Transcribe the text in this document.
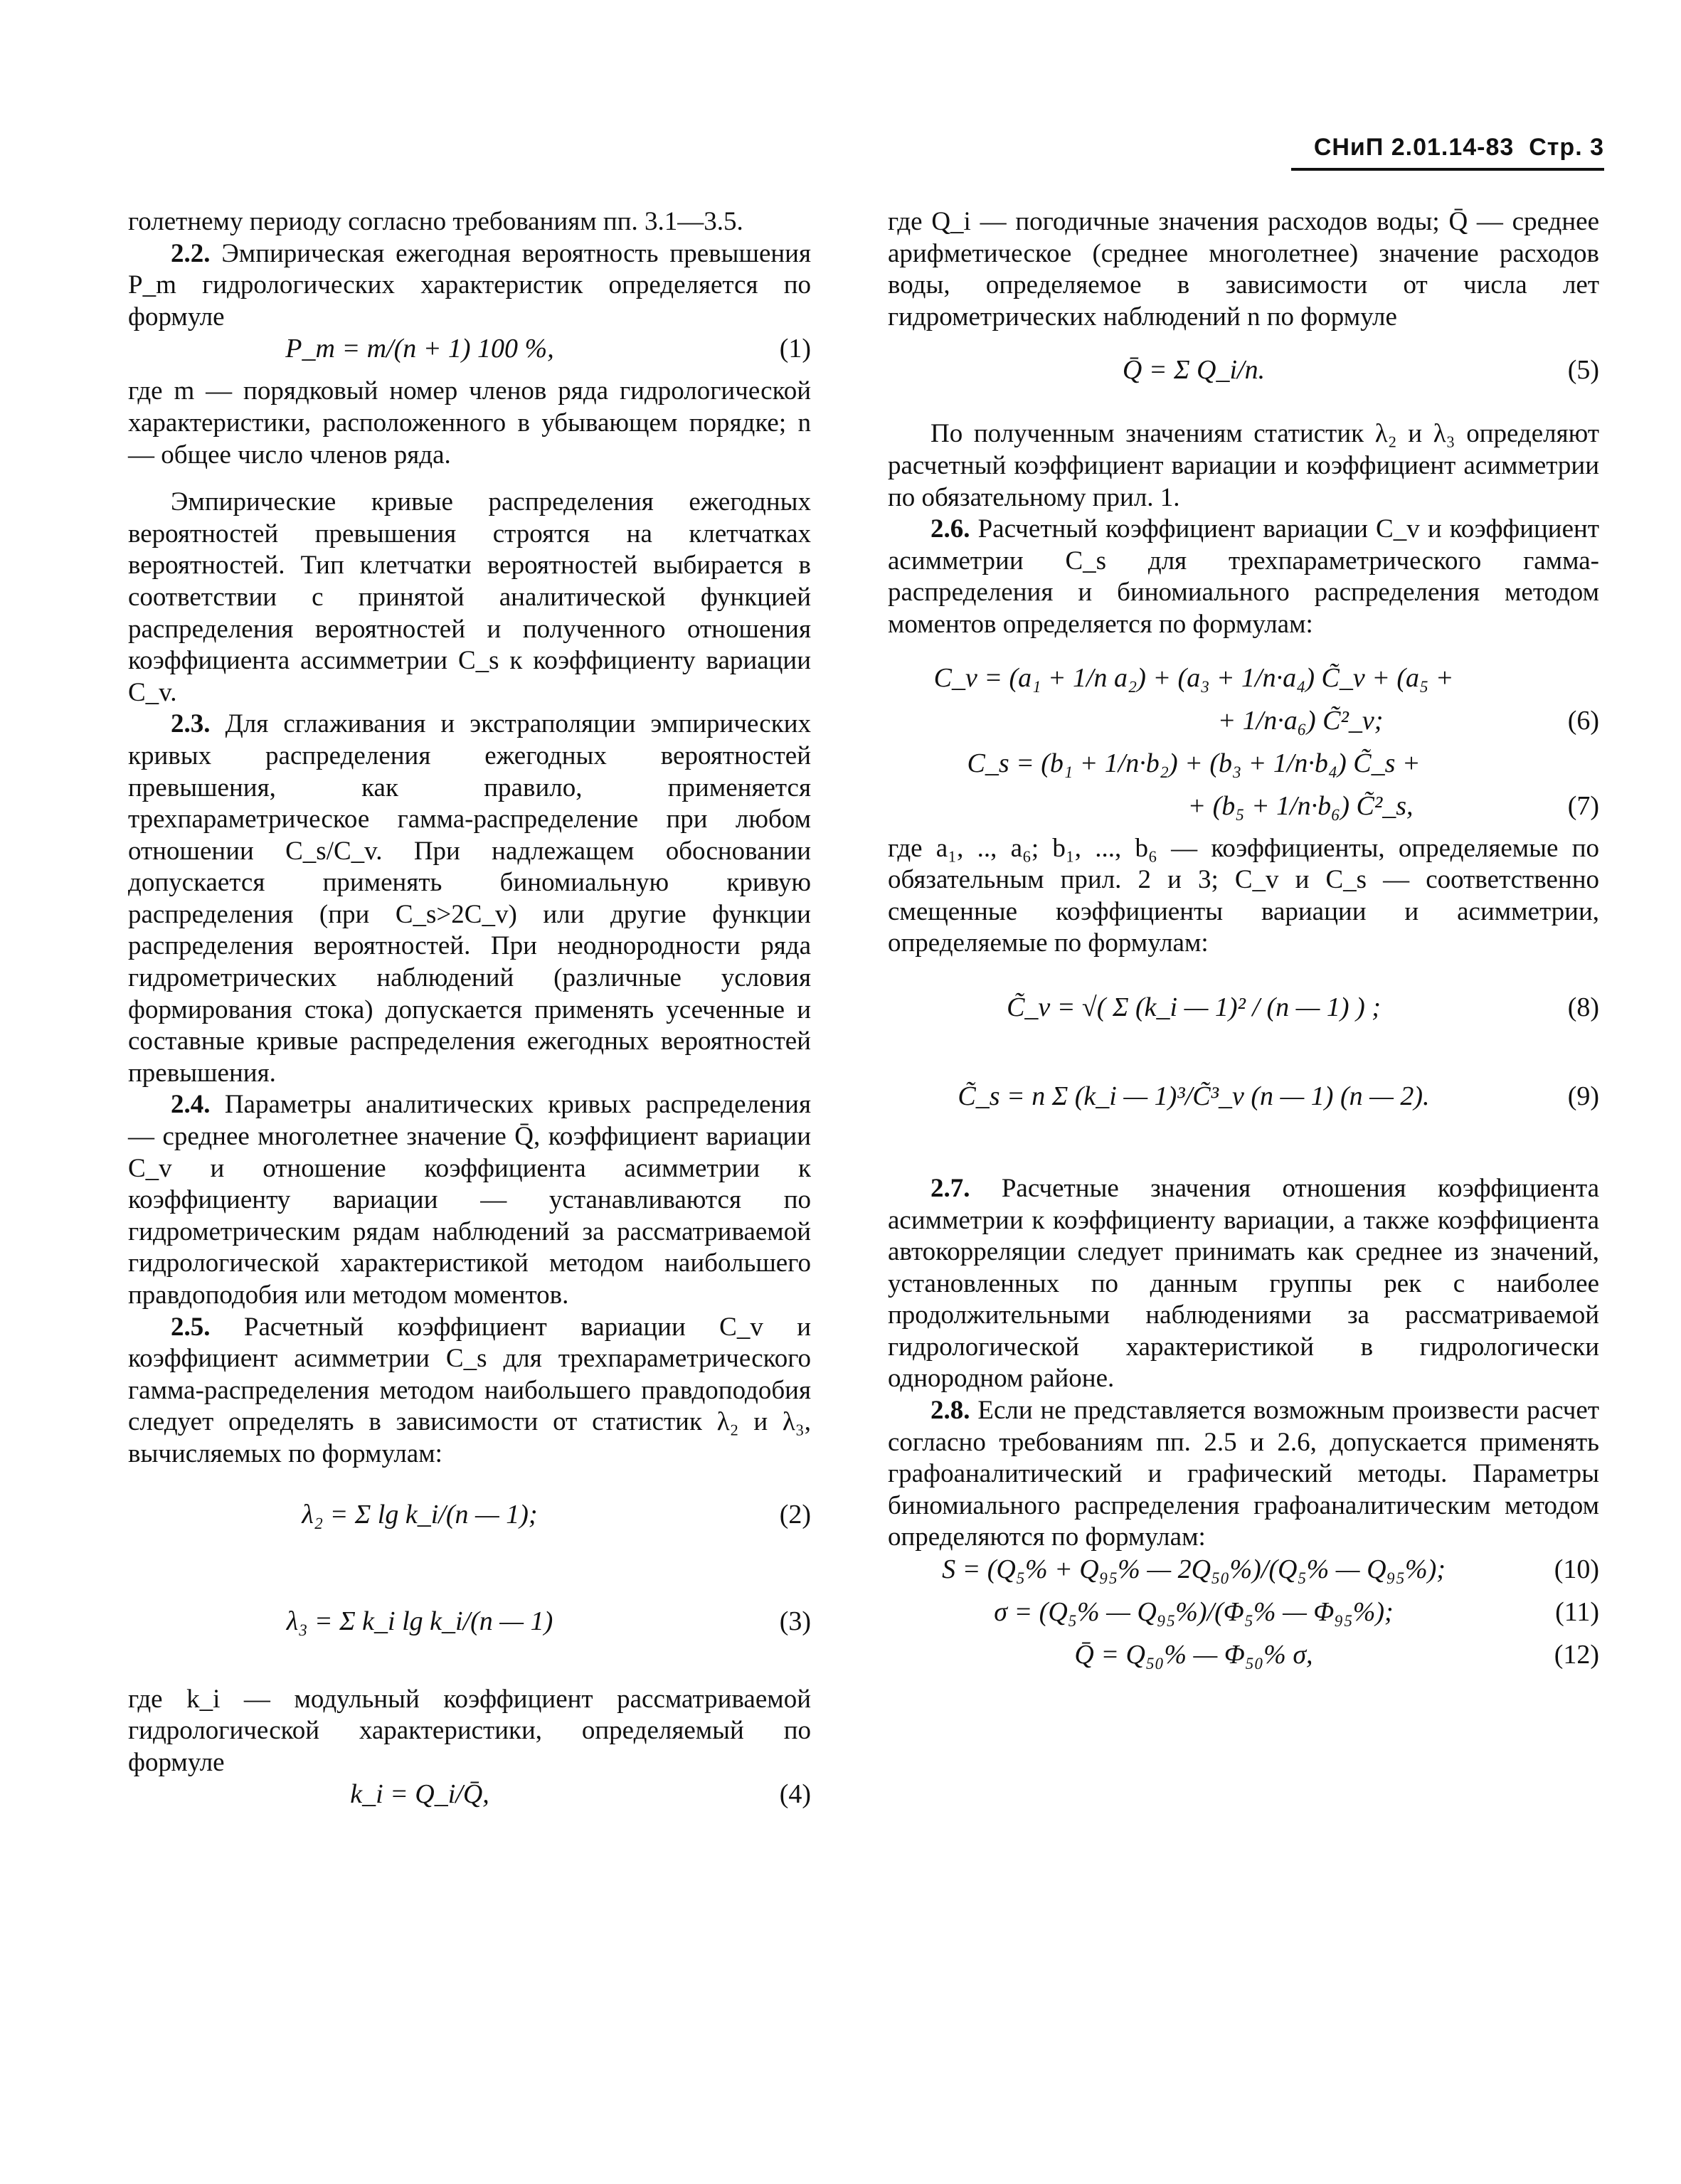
СНиП 2.01.14-83 Стр. 3

голетнему периоду согласно требованиям пп. 3.1—3.5.

2.2. Эмпирическая ежегодная вероятность превышения P_m гидрологических характеристик определяется по формуле

P_m = m/(n + 1) 100 %,	(1)

где m — порядковый номер членов ряда гидрологической характеристики, расположенного в убывающем порядке; n — общее число членов ряда.

Эмпирические кривые распределения ежегодных вероятностей превышения строятся на клетчатках вероятностей. Тип клетчатки вероятностей выбирается в соответствии с принятой аналитической функцией распределения вероятностей и полученного отношения коэффициента ассимметрии C_s к коэффициенту вариации C_v.

2.3. Для сглаживания и экстраполяции эмпирических кривых распределения ежегодных вероятностей превышения, как правило, применяется трехпараметрическое гамма-распределение при любом отношении C_s/C_v. При надлежащем обосновании допускается применять биномиальную кривую распределения (при C_s>2C_v) или другие функции распределения вероятностей. При неоднородности ряда гидрометрических наблюдений (различные условия формирования стока) допускается применять усеченные и составные кривые распределения ежегодных вероятностей превышения.

2.4. Параметры аналитических кривых распределения — среднее многолетнее значение Q̄, коэффициент вариации C_v и отношение коэффициента асимметрии к коэффициенту вариации — устанавливаются по гидрометрическим рядам наблюдений за рассматриваемой гидрологической характеристикой методом наибольшего правдоподобия или методом моментов.

2.5. Расчетный коэффициент вариации C_v и коэффициент асимметрии C_s для трехпараметрического гамма-распределения методом наибольшего правдоподобия следует определять в зависимости от статистик λ₂ и λ₃, вычисляемых по формулам:

λ₂ = Σ lg k_i/(n — 1);	(2)
λ₃ = Σ k_i lg k_i/(n — 1)	(3)

где k_i — модульный коэффициент рассматриваемой гидрологической характеристики, определяемый по формуле

k_i = Q_i/Q̄,	(4)

где Q_i — погодичные значения расходов воды; Q̄ — среднее арифметическое (среднее многолетнее) значение расходов воды, определяемое в зависимости от числа лет гидрометрических наблюдений n по формуле

Q̄ = Σ Q_i/n.	(5)

По полученным значениям статистик λ₂ и λ₃ определяют расчетный коэффициент вариации и коэффициент асимметрии по обязательному прил. 1.

2.6. Расчетный коэффициент вариации C_v и коэффициент асимметрии C_s для трехпараметрического гамма-распределения и биномиального распределения методом моментов определяется по формулам:

C_v = (a₁ + 1/n a₂) + (a₃ + 1/n·a₄) C̃_v + (a₅ +
+ 1/n·a₆) C̃²_v;	(6)
C_s = (b₁ + 1/n·b₂) + (b₃ + 1/n·b₄) C̃_s +
+ (b₅ + 1/n·b₆) C̃²_s,	(7)

где a₁, .., a₆; b₁, ..., b₆ — коэффициенты, определяемые по обязательным прил. 2 и 3; C_v и C_s — соответственно смещенные коэффициенты вариации и асимметрии, определяемые по формулам:

C̃_v = √( Σ (k_i — 1)² / (n — 1) ) ;	(8)
C̃_s = n Σ (k_i — 1)³/C̃³_v (n — 1) (n — 2).	(9)

2.7. Расчетные значения отношения коэффициента асимметрии к коэффициенту вариации, а также коэффициента автокорреляции следует принимать как среднее из значений, установленных по данным группы рек с наиболее продолжительными наблюдениями за рассматриваемой гидрологической характеристикой в гидрологически однородном районе.

2.8. Если не представляется возможным произвести расчет согласно требованиям пп. 2.5 и 2.6, допускается применять графоаналитический и графический методы. Параметры биномиального распределения графоаналитическим методом определяются по формулам:

S = (Q₅% + Q₉₅% — 2Q₅₀%)/(Q₅% — Q₉₅%);	(10)
σ = (Q₅% — Q₉₅%)/(Φ₅% — Φ₉₅%);	(11)
Q̄ = Q₅₀% — Φ₅₀% σ,	(12)
